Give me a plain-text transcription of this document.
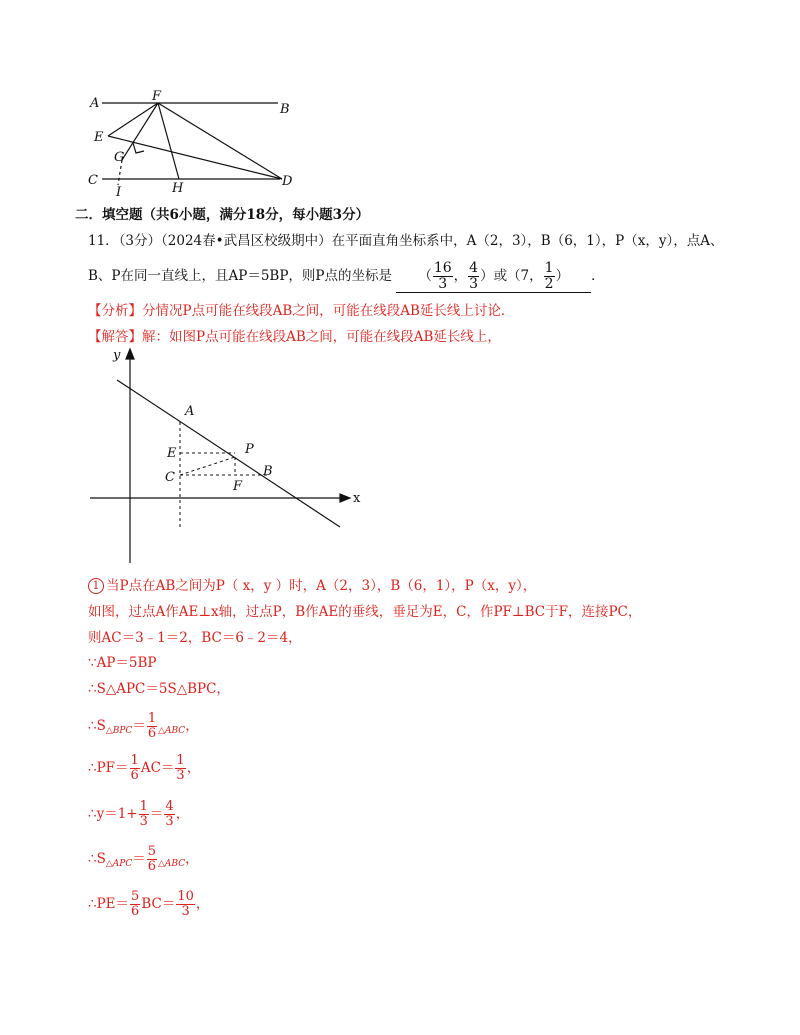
A	F
B
E
G
C
I	H	D
二．填空题（共6小题，满分18分，每小题3分）
11．（3分）（2024春•武昌区校级期中）在平面直角坐标系中，A（2，3），B（6，1），P（x，y），点A、
B、P在同一直线上，且AP＝5BP，则P点的坐标是 （ $\frac{16}{3}$ ， $\frac{4}{3}$ ）或（7， $\frac{1}{2}$ ） ．
【分析】分情况P点可能在线段AB之间，可能在线段AB延长线上讨论．
【解答】解：如图P点可能在线段AB之间，可能在线段AB延长线上，
y
x
A
E	P
B
C
F
1 当P点在AB之间为P（ x，y ）时，A（2，3），B（6，1），P（x，y），
如图，过点A作AE⊥x轴，过点P，B作AE的垂线，垂足为E，C，作PF⊥BC于F，连接PC，
则AC＝3﹣1＝2，BC＝6﹣2＝4，
∵AP＝5BP
∴S△APC＝5S△BPC，
$\therefore S_{\triangle BPC}= \frac{1}{6} _{\triangle ABC}$，
∴PF＝ $\frac{1}{6} AC= \frac{1}{3}$ ，
∴y＝1+ $\frac{1}{3} = \frac{4}{3}$ ，
$\therefore S_{\triangle APC}= \frac{5}{6} _{\triangle ABC}$，
∴PE＝ $\frac{5}{6} BC= \frac{10}{3}$ ，
